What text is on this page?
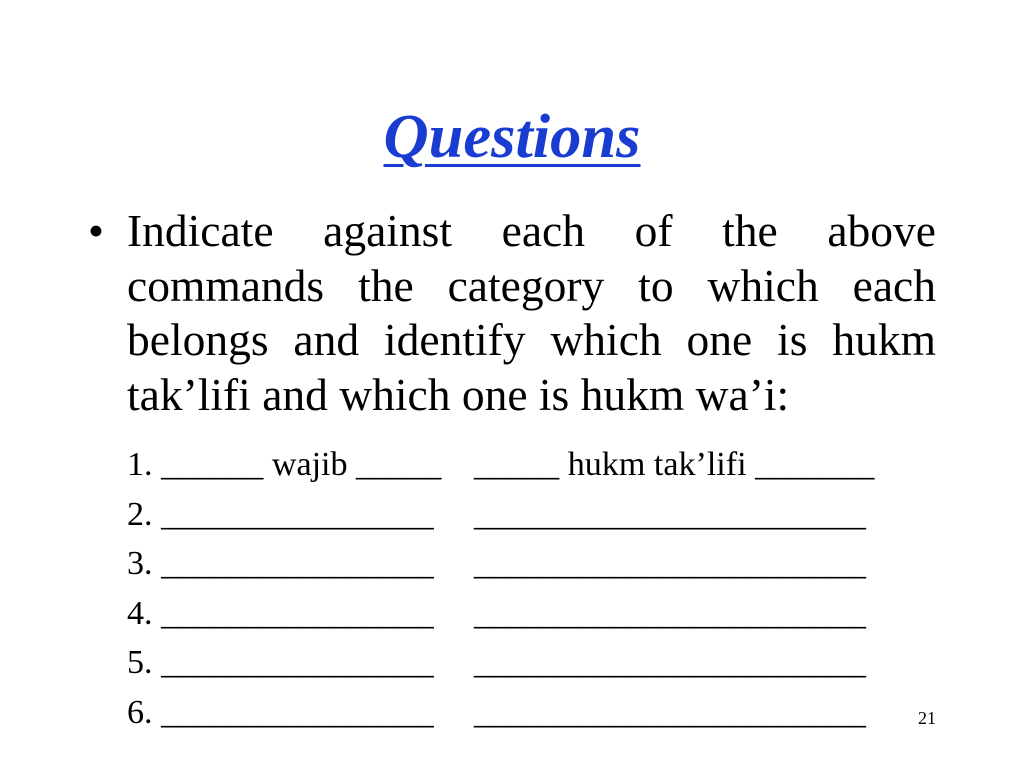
Questions
• Indicate against each of the above commands the category to which each belongs and identify which one is hukm tak’lifi and which one is hukm wa’i:
1. ______ wajib _____ _____ hukm tak’lifi _______
2. ________________ _______________________
3. ________________ _______________________
4. ________________ _______________________
5. ________________ _______________________
6. ________________ _______________________	21
